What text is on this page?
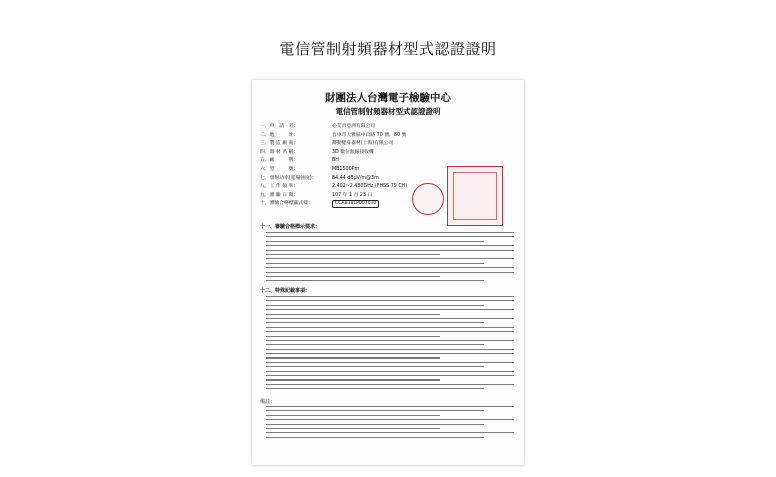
電信管制射頻器材型式認證證明
財團法人台灣電子檢驗中心
電信管制射頻器材型式認證證明
一、申　請　者：	必艾奇亞洲有限公司
二、地　　　址：	台中市大雅區中山路 70 號．80 號
三、製 造 廠 商：	鄰動健身器材(上海)有限公司
四、器 材 名 稱：	3D 數位無線接收機
五、廠　　　牌：	BH
六、型　　　號：	MB1500Pm
七、發射功率(電場強度)：	84.44 dBμV/m@3m
八、工 作 頻 率：	2.402~2.480GHz (FHSS 79 CH)
九、審 驗 日 期：	107 年 1 月 23 日
十、審驗合格標籤式樣：	CCAB18LP0070T0
十一、審驗合格標示要求：
十二、特殊記載事項：
備註：
